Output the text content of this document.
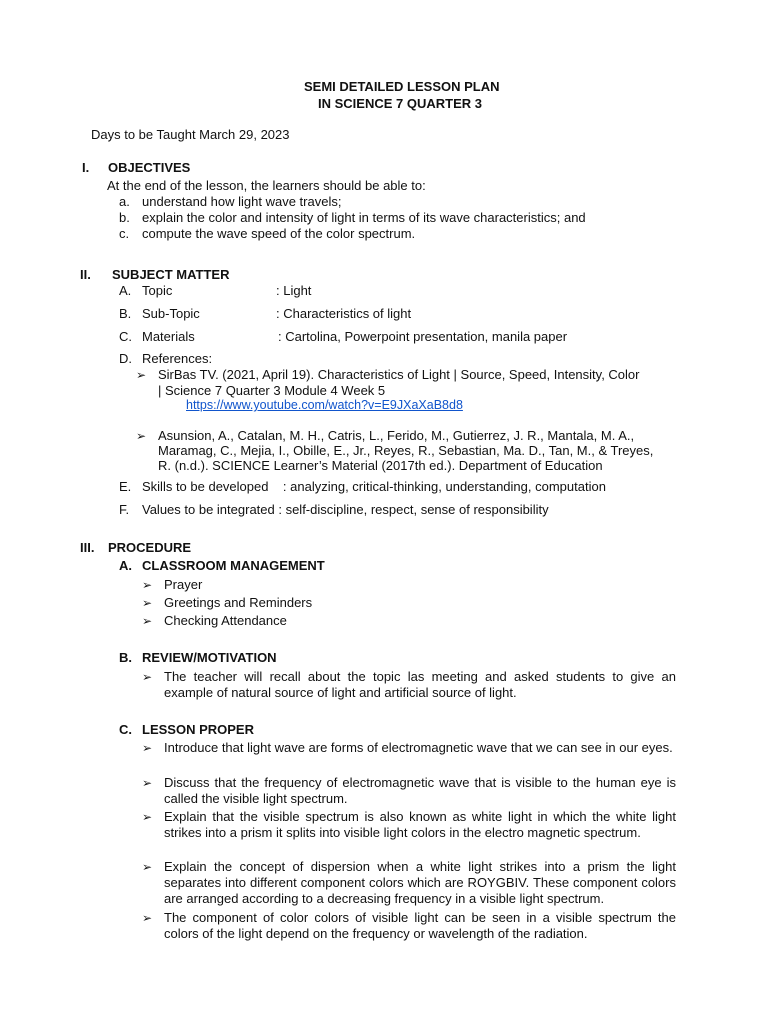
SEMI DETAILED LESSON PLAN
IN SCIENCE 7 QUARTER 3
Days to be Taught March 29, 2023
I. OBJECTIVES
At the end of the lesson, the learners should be able to:
a. understand how light wave travels;
b. explain the color and intensity of light in terms of its wave characteristics; and
c. compute the wave speed of the color spectrum.
II. SUBJECT MATTER
A. Topic	: Light
B. Sub-Topic	: Characteristics of light
C. Materials	: Cartolina, Powerpoint presentation, manila paper
D. References:
➢ SirBas TV. (2021, April 19). Characteristics of Light | Source, Speed, Intensity, Color
| Science 7 Quarter 3 Module 4 Week 5
https://www.youtube.com/watch?v=E9JXaXaB8d8
➢ Asunsion, A., Catalan, M. H., Catris, L., Ferido, M., Gutierrez, J. R., Mantala, M. A.,
Maramag, C., Mejia, I., Obille, E., Jr., Reyes, R., Sebastian, Ma. D., Tan, M., & Treyes,
R. (n.d.). SCIENCE Learner’s Material (2017th ed.). Department of Education
E. Skills to be developed    : analyzing, critical-thinking, understanding, computation
F. Values to be integrated : self-discipline, respect, sense of responsibility
III. PROCEDURE
A. CLASSROOM MANAGEMENT
➢ Prayer
➢ Greetings and Reminders
➢ Checking Attendance
B. REVIEW/MOTIVATION
➢ The teacher will recall about the topic las meeting and asked students to give an example of natural source of light and artificial source of light.
C. LESSON PROPER
➢ Introduce that light wave are forms of electromagnetic wave that we can see in our eyes.
➢ Discuss that the frequency of electromagnetic wave that is visible to the human eye is called the visible light spectrum.
➢ Explain that the visible spectrum is also known as white light in which the white light strikes into a prism it splits into visible light colors in the electro magnetic spectrum.
➢ Explain the concept of dispersion when a white light strikes into a prism the light separates into different component colors which are ROYGBIV. These component colors are arranged according to a decreasing frequency in a visible light spectrum.
➢ The component of color colors of visible light can be seen in a visible spectrum the colors of the light depend on the frequency or wavelength of the radiation.
